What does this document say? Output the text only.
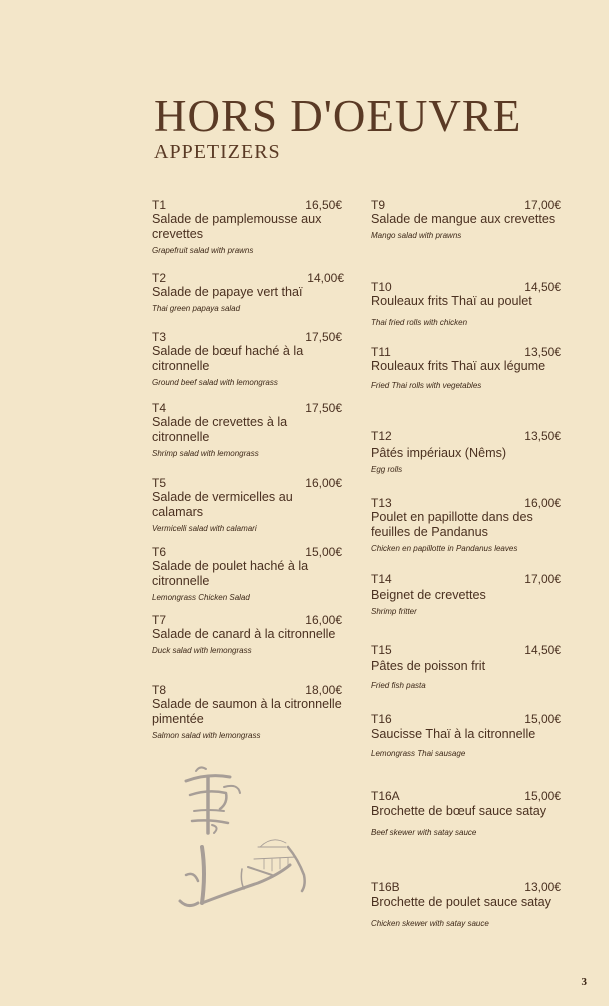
HORS D'OEUVRE
APPETIZERS
T1	16,50€
Salade de pamplemousse aux crevettes
Grapefruit salad with prawns
T2	14,00€
Salade de papaye vert thaï
Thai green papaya salad
T3	17,50€
Salade de bœuf haché à la citronnelle
Ground beef salad with lemongrass
T4	17,50€
Salade de crevettes à la citronnelle
Shrimp salad with lemongrass
T5	16,00€
Salade de vermicelles au calamars
Vermicelli salad with calamari
T6	15,00€
Salade de poulet haché à la citronnelle
Lemongrass Chicken Salad
T7	16,00€
Salade de canard à la citronnelle
Duck salad with lemongrass
T8	18,00€
Salade de saumon à la citronnelle pimentée
Salmon salad with lemongrass
T9	17,00€
Salade de mangue aux crevettes
Mango salad with prawns
T10	14,50€
Rouleaux frits Thaï au poulet
Thai fried rolls with chicken
T11	13,50€
Rouleaux frits Thaï aux légume
Fried Thai rolls with vegetables
T12	13,50€
Pâtés impériaux (Nêms)
Egg rolls
T13	16,00€
Poulet en papillotte dans des feuilles de Pandanus
Chicken en papillotte in Pandanus leaves
T14	17,00€
Beignet de crevettes
Shrimp fritter
T15	14,50€
Pâtes de poisson frit
Fried fish pasta
T16	15,00€
Saucisse Thaï à la citronnelle
Lemongrass Thai sausage
T16A	15,00€
Brochette de bœuf sauce satay
Beef skewer with satay sauce
T16B	13,00€
Brochette de poulet sauce satay
Chicken skewer with satay sauce
3
